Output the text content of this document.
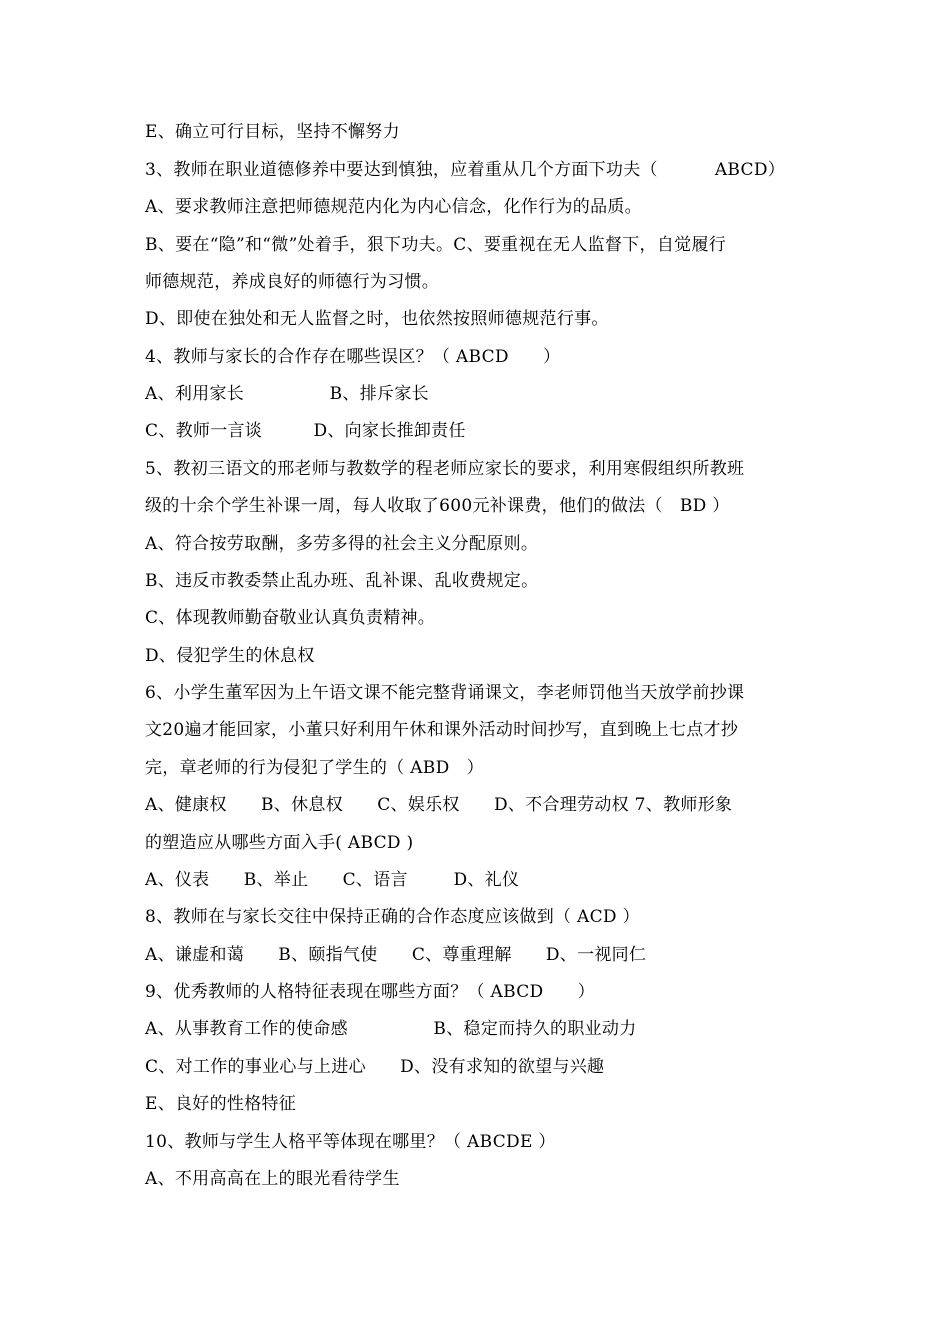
E、确立可行目标，坚持不懈努力
3、教师在职业道德修养中要达到慎独，应着重从几个方面下功夫（          ABCD）
A、要求教师注意把师德规范内化为内心信念，化作行为的品质。
B、要在“隐”和“微”处着手，狠下功夫。C、要重视在无人监督下，自觉履行
师德规范，养成良好的师德行为习惯。
D、即使在独处和无人监督之时，也依然按照师德规范行事。
4、教师与家长的合作存在哪些误区？（ ABCD      ）
A、利用家长               B、排斥家长
C、教师一言谈         D、向家长推卸责任
5、教初三语文的邢老师与教数学的程老师应家长的要求，利用寒假组织所教班
级的十余个学生补课一周，每人收取了600元补课费，他们的做法（   BD ）
A、符合按劳取酬，多劳多得的社会主义分配原则。
B、违反市教委禁止乱办班、乱补课、乱收费规定。
C、体现教师勤奋敬业认真负责精神。
D、侵犯学生的休息权
6、小学生董军因为上午语文课不能完整背诵课文，李老师罚他当天放学前抄课
文20遍才能回家，小董只好利用午休和课外活动时间抄写，直到晚上七点才抄
完，章老师的行为侵犯了学生的（ ABD   ）
A、健康权      B、休息权      C、娱乐权      D、不合理劳动权 7、教师形象
的塑造应从哪些方面入手( ABCD )
A、仪表      B、举止      C、语言        D、礼仪
8、教师在与家长交往中保持正确的合作态度应该做到（ ACD ）
A、谦虚和蔼      B、颐指气使      C、尊重理解      D、一视同仁
9、优秀教师的人格特征表现在哪些方面？（ ABCD      ）
A、从事教育工作的使命感               B、稳定而持久的职业动力
C、对工作的事业心与上进心      D、没有求知的欲望与兴趣
E、良好的性格特征
10、教师与学生人格平等体现在哪里？（ ABCDE ）
A、不用高高在上的眼光看待学生
